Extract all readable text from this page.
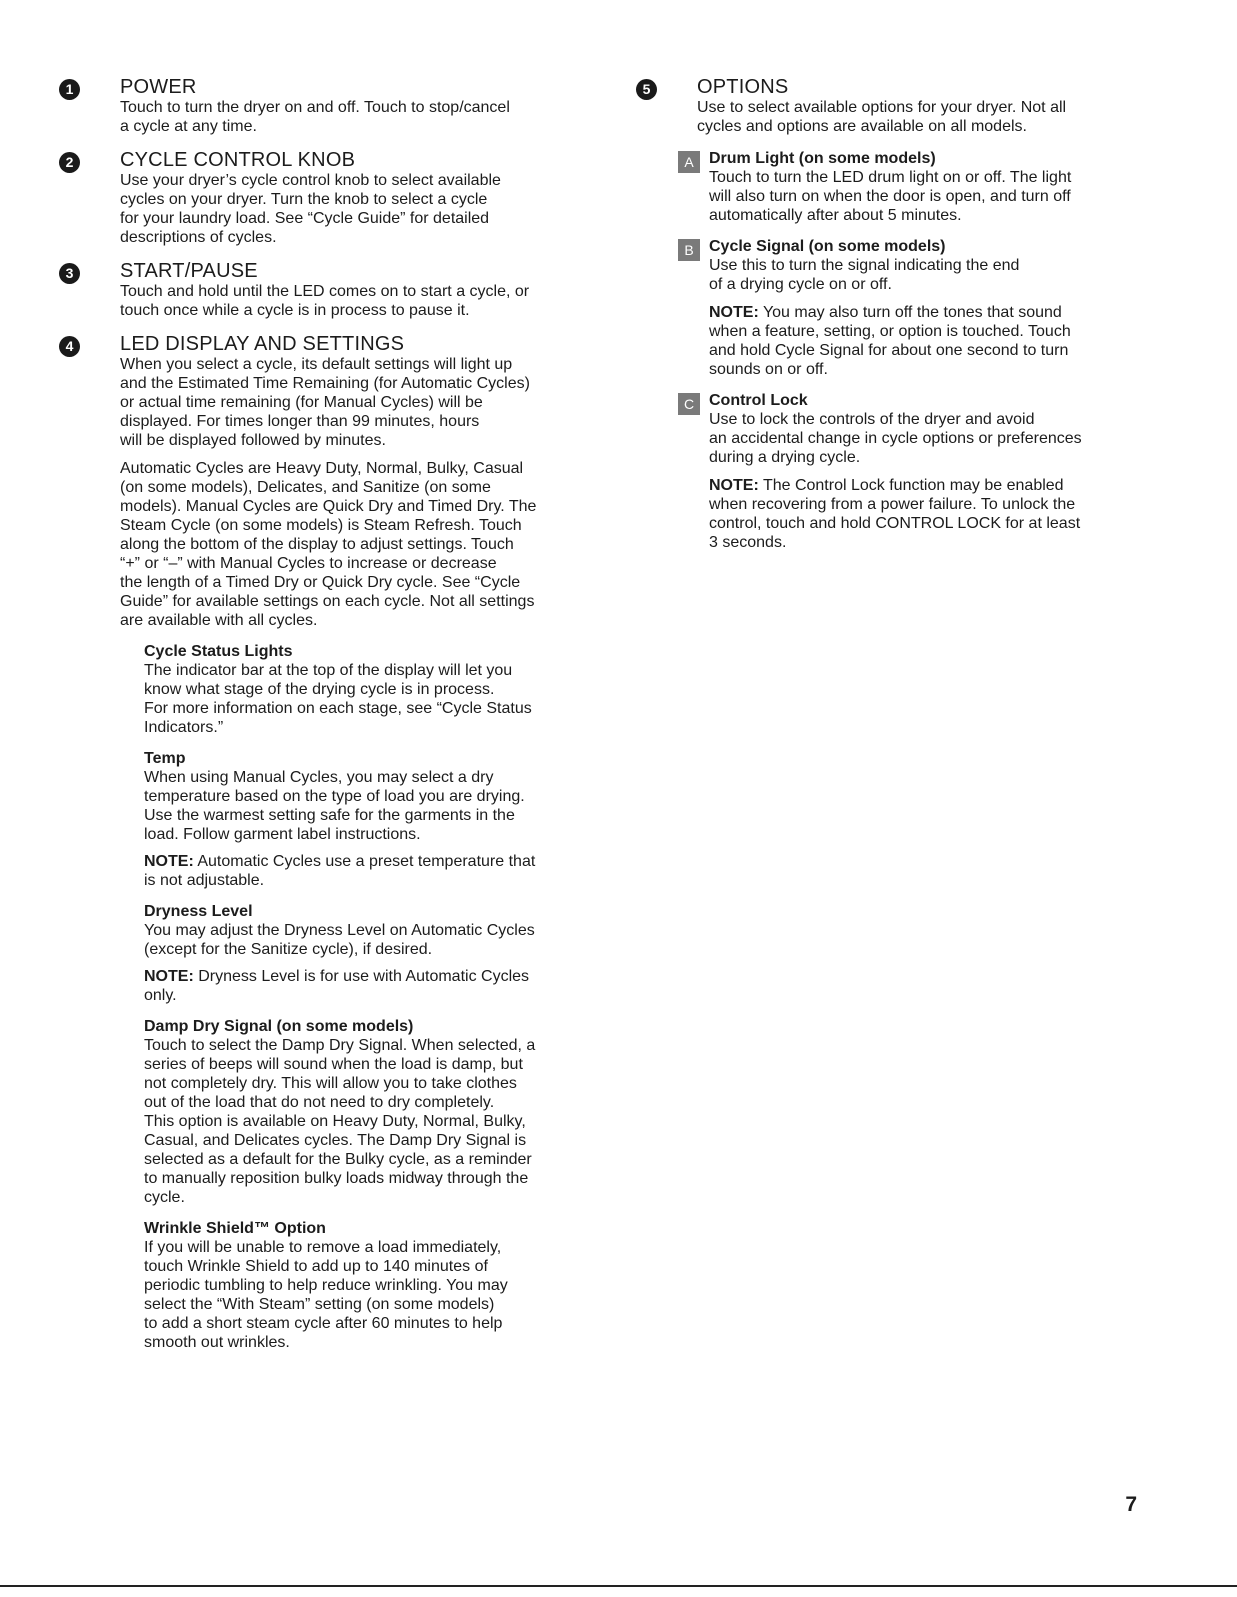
1	POWER
Touch to turn the dryer on and off. Touch to stop/cancel
a cycle at any time.
2	CYCLE CONTROL KNOB
Use your dryer’s cycle control knob to select available
cycles on your dryer. Turn the knob to select a cycle
for your laundry load. See “Cycle Guide” for detailed
descriptions of cycles.
3	START/PAUSE
Touch and hold until the LED comes on to start a cycle, or
touch once while a cycle is in process to pause it.
4	LED DISPLAY AND SETTINGS

When you select a cycle, its default settings will light up
and the Estimated Time Remaining (for Automatic Cycles)
or actual time remaining (for Manual Cycles) will be
displayed. For times longer than 99 minutes, hours
will be displayed followed by minutes.

Automatic Cycles are Heavy Duty, Normal, Bulky, Casual
(on some models), Delicates, and Sanitize (on some
models). Manual Cycles are Quick Dry and Timed Dry. The
Steam Cycle (on some models) is Steam Refresh. Touch
along the bottom of the display to adjust settings. Touch
“+” or “–” with Manual Cycles to increase or decrease
the length of a Timed Dry or Quick Dry cycle. See “Cycle
Guide” for available settings on each cycle. Not all settings
are available with all cycles.

Cycle Status Lights

The indicator bar at the top of the display will let you
know what stage of the drying cycle is in process.
For more information on each stage, see “Cycle Status
Indicators.”

Temp

When using Manual Cycles, you may select a dry
temperature based on the type of load you are drying.
Use the warmest setting safe for the garments in the
load. Follow garment label instructions.

NOTE: Automatic Cycles use a preset temperature that
is not adjustable.

Dryness Level

You may adjust the Dryness Level on Automatic Cycles
(except for the Sanitize cycle), if desired.

NOTE: Dryness Level is for use with Automatic Cycles
only.

Damp Dry Signal (on some models)

Touch to select the Damp Dry Signal. When selected, a
series of beeps will sound when the load is damp, but
not completely dry. This will allow you to take clothes
out of the load that do not need to dry completely.
This option is available on Heavy Duty, Normal, Bulky,
Casual, and Delicates cycles. The Damp Dry Signal is
selected as a default for the Bulky cycle, as a reminder
to manually reposition bulky loads midway through the
cycle.

Wrinkle Shield™ Option

If you will be unable to remove a load immediately,
touch Wrinkle Shield to add up to 140 minutes of
periodic tumbling to help reduce wrinkling. You may
select the “With Steam” setting (on some models)
to add a short steam cycle after 60 minutes to help
smooth out wrinkles.

5	OPTIONS
Use to select available options for your dryer. Not all
cycles and options are available on all models.
A Drum Light (on some models)

Touch to turn the LED drum light on or off. The light
will also turn on when the door is open, and turn off
automatically after about 5 minutes.

B Cycle Signal (on some models)

Use this to turn the signal indicating the end
of a drying cycle on or off.

NOTE: You may also turn off the tones that sound
when a feature, setting, or option is touched. Touch
and hold Cycle Signal for about one second to turn
sounds on or off.

C Control Lock

Use to lock the controls of the dryer and avoid
an accidental change in cycle options or preferences
during a drying cycle.

NOTE: The Control Lock function may be enabled
when recovering from a power failure. To unlock the
control, touch and hold CONTROL LOCK for at least
3 seconds.

7
